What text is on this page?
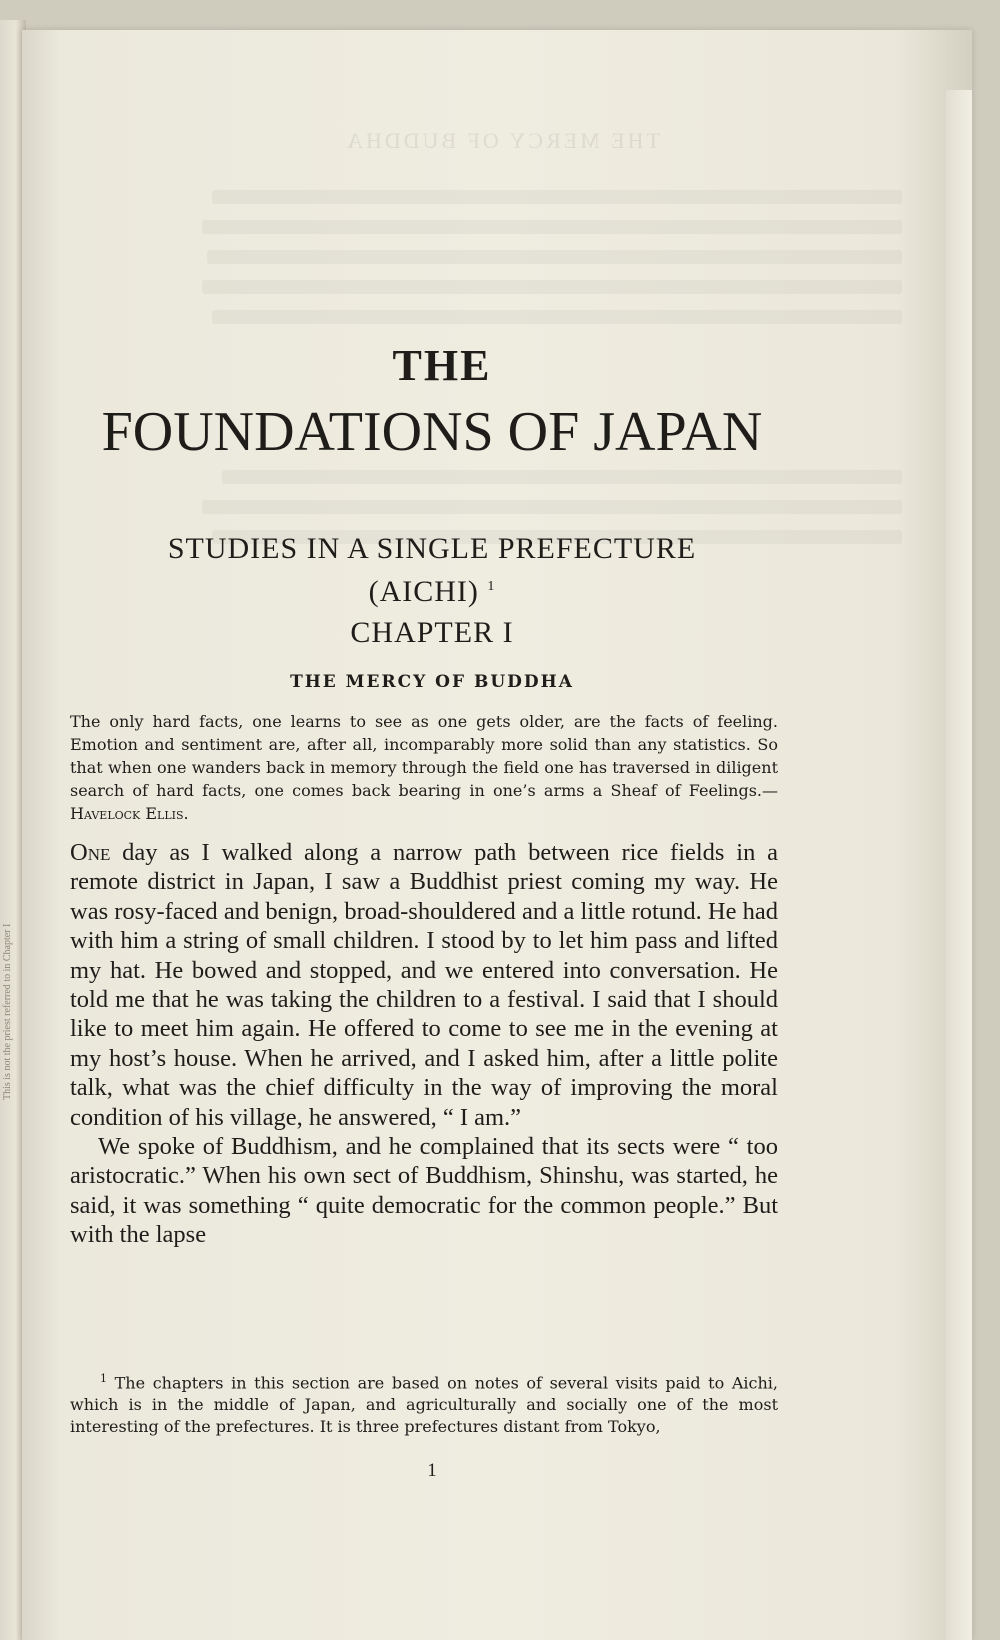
This is not the priest referred to in Chapter I
THE MERCY OF BUDDHA
THE
FOUNDATIONS OF JAPAN
STUDIES IN A SINGLE PREFECTURE
(AICHI) $^1$
CHAPTER I
THE MERCY OF BUDDHA
The only hard facts, one learns to see as one gets older, are the facts of feeling. Emotion and sentiment are, after all, incomparably more solid than any statistics. So that when one wanders back in memory through the field one has traversed in diligent search of hard facts, one comes back bearing in one’s arms a Sheaf of Feelings.—Havelock Ellis.

One day as I walked along a narrow path between rice fields in a remote district in Japan, I saw a Buddhist priest coming my way. He was rosy-faced and benign, broad-shouldered and a little rotund. He had with him a string of small children. I stood by to let him pass and lifted my hat. He bowed and stopped, and we entered into conversation. He told me that he was taking the children to a festival. I said that I should like to meet him again. He offered to come to see me in the evening at my host’s house. When he arrived, and I asked him, after a little polite talk, what was the chief difficulty in the way of improving the moral condition of his village, he answered, “ I am.”

We spoke of Buddhism, and he complained that its sects were “ too aristocratic.” When his own sect of Buddhism, Shinshu, was started, he said, it was something “ quite democratic for the common people.” But with the lapse

$^1$ The chapters in this section are based on notes of several visits paid to Aichi, which is in the middle of Japan, and agriculturally and socially one of the most interesting of the prefectures. It is three prefectures distant from Tokyo,
1
